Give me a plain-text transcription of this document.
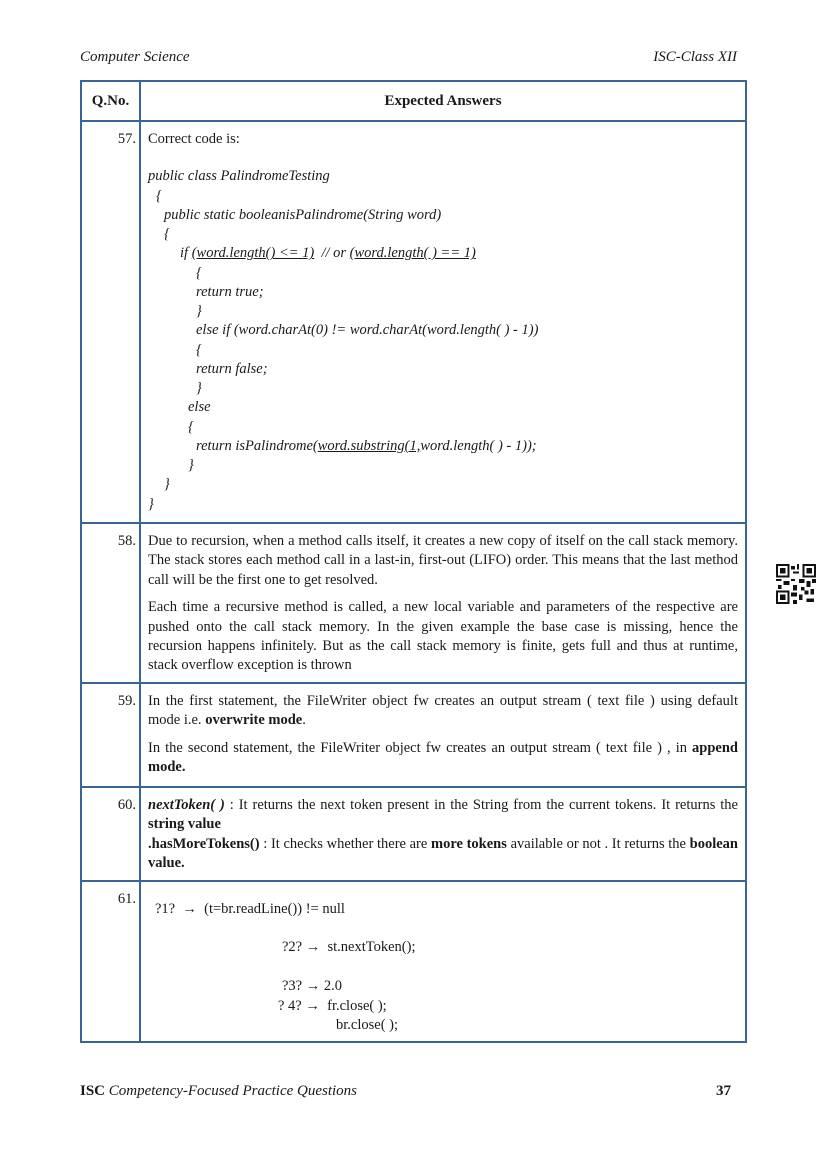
Computer Science	ISC-Class XII
Q.No.	Expected Answers
57.	Correct code is:
public class PalindromeTesting
{
public static booleanisPalindrome(String word)
{
if (word.length() <= 1)  // or (word.length( ) == 1)
{
return true;
}
else if (word.charAt(0) != word.charAt(word.length( ) - 1))
{
return false;
}
else
{
return isPalindrome(word.substring(1,word.length( ) - 1));
}
}
}

58.	Due to recursion, when a method calls itself, it creates a new copy of itself on the call stack memory. The stack stores each method call in a last-in, first-out (LIFO) order. This means that the last method call will be the first one to get resolved.

Each time a recursive method is called, a new local variable and parameters of the respective are pushed onto the call stack memory. In the given example the base case is missing, hence the recursion happens infinitely. But as the call stack memory is finite, gets full and thus at runtime, stack overflow exception is thrown

59.	In the first statement, the FileWriter object fw creates an output stream ( text file ) using default mode i.e. overwrite mode.

In the second statement, the FileWriter object fw creates an output stream ( text file ) , in append mode.

60.	nextToken( ) : It returns the next token present in the String from the current tokens. It returns the string value
.hasMoreTokens() : It checks whether there are more tokens available or not . It returns the boolean value.

61.	?1?  →  (t=br.readLine()) != null

?2? →  st.nextToken();

?3? → 2.0
? 4? →  fr.close( );
br.close( );
ISC Competency-Focused Practice Questions	37
